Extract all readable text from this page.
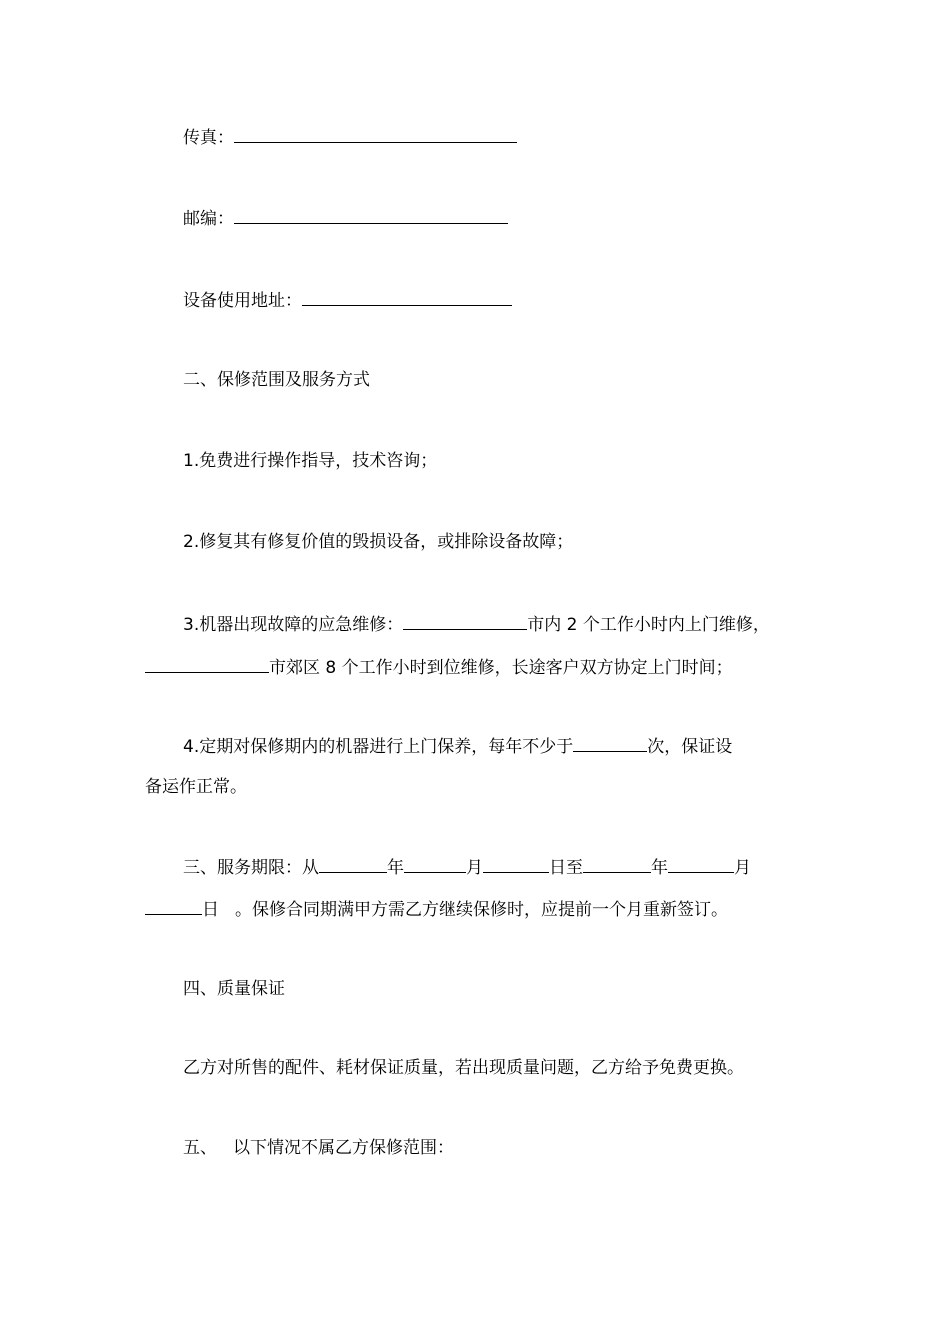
传真：
邮编：
设备使用地址：
二、保修范围及服务方式
1.免费进行操作指导，技术咨询；
2.修复其有修复价值的毁损设备，或排除设备故障；
3.机器出现故障的应急维修：	市内 2 个工作小时内上门维修，
市郊区 8 个工作小时到位维修，长途客户双方协定上门时间；
4.定期对保修期内的机器进行上门保养，每年不少于	次，保证设
备运作正常。
三、服务期限：从	年	月	日至	年	月
日 。保修合同期满甲方需乙方继续保修时，应提前一个月重新签订。
四、质量保证
乙方对所售的配件、耗材保证质量，若出现质量问题，乙方给予免费更换。
五、 以下情况不属乙方保修范围：
